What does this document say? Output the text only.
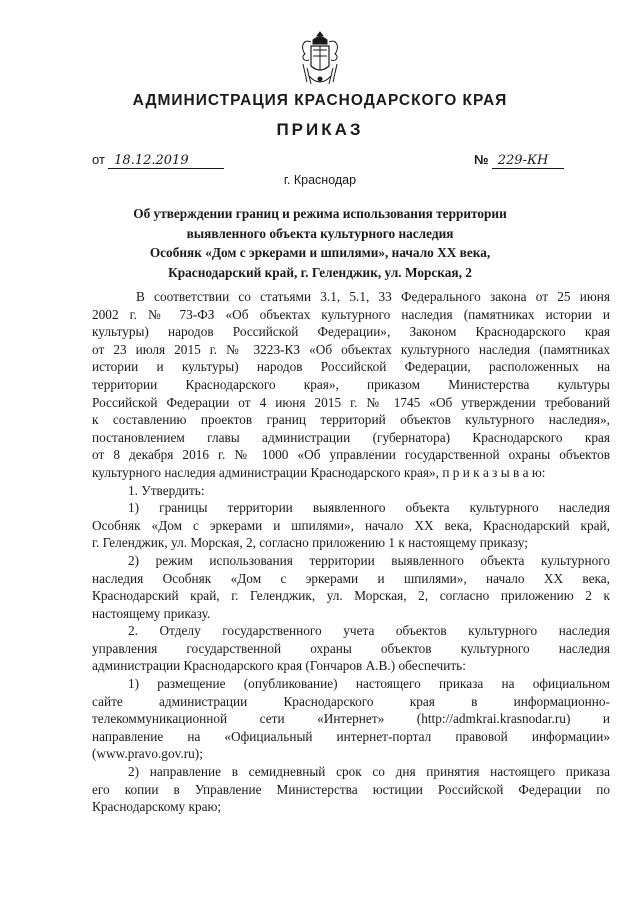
АДМИНИСТРАЦИЯ КРАСНОДАРСКОГО КРАЯ
ПРИКАЗ
от 18.12.2019	№ 229-КН
г. Краснодар
Об утверждении границ и режима использования территории
выявленного объекта культурного наследия
Особняк «Дом с эркерами и шпилями», начало XX века,
Краснодарский край, г. Геленджик, ул. Морская, 2
В соответствии со статьями 3.1, 5.1, 33 Федерального закона от 25 июня
2002 г. № 73-ФЗ «Об объектах культурного наследия (памятниках истории и
культуры) народов Российской Федерации», Законом Краснодарского края
от 23 июля 2015 г. № 3223-КЗ «Об объектах культурного наследия (памятниках
истории и культуры) народов Российской Федерации, расположенных на
территории Краснодарского края», приказом Министерства культуры
Российской Федерации от 4 июня 2015 г. № 1745 «Об утверждении требований
к составлению проектов границ территорий объектов культурного наследия»,
постановлением главы администрации (губернатора) Краснодарского края
от 8 декабря 2016 г. № 1000 «Об управлении государственной охраны объектов
культурного наследия администрации Краснодарского края», п р и к а з ы в а ю:
1. Утвердить:
1) границы территории выявленного объекта культурного наследия
Особняк «Дом с эркерами и шпилями», начало XX века, Краснодарский край,
г. Геленджик, ул. Морская, 2, согласно приложению 1 к настоящему приказу;
2) режим использования территории выявленного объекта культурного
наследия Особняк «Дом с эркерами и шпилями», начало XX века,
Краснодарский край, г. Геленджик, ул. Морская, 2, согласно приложению 2 к
настоящему приказу.
2. Отделу государственного учета объектов культурного наследия
управления государственной охраны объектов культурного наследия
администрации Краснодарского края (Гончаров А.В.) обеспечить:
1) размещение (опубликование) настоящего приказа на официальном
сайте администрации Краснодарского края в информационно-
телекоммуникационной сети «Интернет» (http://admkrai.krasnodar.ru) и
направление на «Официальный интернет-портал правовой информации»
(www.pravo.gov.ru);
2) направление в семидневный срок со дня принятия настоящего приказа
его копии в Управление Министерства юстиции Российской Федерации по
Краснодарскому краю;
